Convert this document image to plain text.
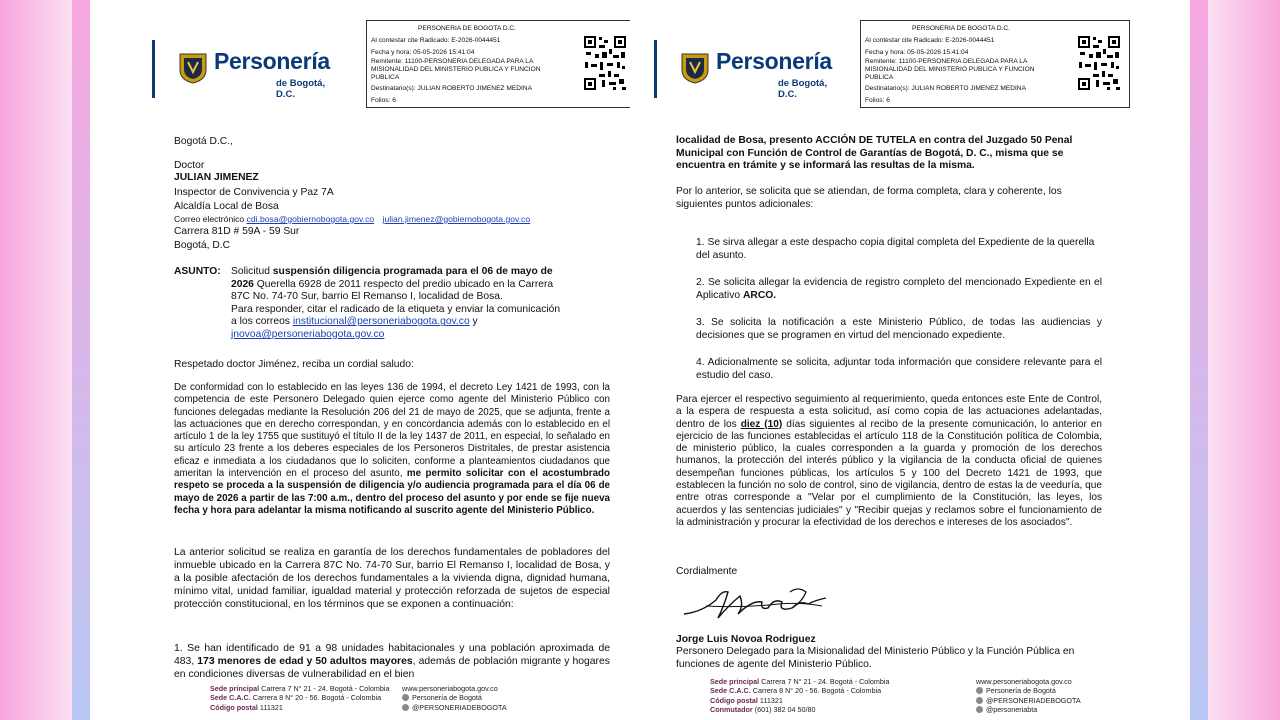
Personería
de Bogotá, D.C.
PERSONERIA DE BOGOTA D.C.
Al contestar cite Radicado: E-2026-0044451
Fecha y hora: 05-05-2026 15:41:04
Remitente: 11100-PERSONERIA DELEGADA PARA LA
MISIONALIDAD DEL MINISTERIO PUBLICA Y FUNCION
PUBLICA
Destinatario(s): JULIAN ROBERTO JIMENEZ MEDINA
Folios: 6
Bogotá D.C.,
Doctor
JULIAN JIMENEZ
Inspector de Convivencia y Paz 7A
Alcaldía Local de Bosa
Correo electrónico cdi.bosa@gobiernobogota.gov.co julian.jimenez@gobiernobogota.gov.co
Carrera 81D # 59A - 59 Sur
Bogotá, D.C
ASUNTO: Solicitud suspensión diligencia programada para el 06 de mayo de
2026 Querella 6928 de 2011 respecto del predio ubicado en la Carrera
87C No. 74-70 Sur, barrio El Remanso I, localidad de Bosa.
Para responder, citar el radicado de la etiqueta y enviar la comunicación
a los correos institucional@personeriabogota.gov.co y
jnovoa@personeriabogota.gov.co
Respetado doctor Jiménez, reciba un cordial saludo:
De conformidad con lo establecido en las leyes 136 de 1994, el decreto Ley 1421 de 1993, con la competencia de este Personero Delegado quien ejerce como agente del Ministerio Público con funciones delegadas mediante la Resolución 206 del 21 de mayo de 2025, que se adjunta, frente a las actuaciones que en derecho correspondan, y en concordancia además con lo establecido en el artículo 1 de la ley 1755 que sustituyó el título II de la ley 1437 de 2011, en especial, lo señalado en su artículo 23 frente a los deberes especiales de los Personeros Distritales, de prestar asistencia eficaz e inmediata a los ciudadanos que lo soliciten, conforme a planteamientos ciudadanos que ameritan la intervención en el proceso del asunto, me permito solicitar con el acostumbrado respeto se proceda a la suspensión de diligencia y/o audiencia programada para el día 06 de mayo de 2026 a partir de las 7:00 a.m., dentro del proceso del asunto y por ende se fije nueva fecha y hora para adelantar la misma notificando al suscrito agente del Ministerio Público.
La anterior solicitud se realiza en garantía de los derechos fundamentales de pobladores del inmueble ubicado en la Carrera 87C No. 74-70 Sur, barrio El Remanso I, localidad de Bosa, y a la posible afectación de los derechos fundamentales a la vivienda digna, dignidad humana, mínimo vital, unidad familiar, igualdad material y protección reforzada de sujetos de especial protección constitucional, en los términos que se exponen a continuación:
1. Se han identificado de 91 a 98 unidades habitacionales y una población aproximada de 483, 173 menores de edad y 50 adultos mayores, además de población migrante y hogares en condiciones diversas de vulnerabilidad en el bien
Sede principal Carrera 7 N° 21 - 24. Bogotá - Colombia
Sede C.A.C. Carrera 8 N° 20 - 56. Bogotá - Colombia
Código postal 111321
www.personeriabogota.gov.co
Personería de Bogotá
@PERSONERIADEBOGOTA
Personería
de Bogotá, D.C.
PERSONERIA DE BOGOTA D.C.
Al contestar cite Radicado: E-2026-0044451
Fecha y hora: 05-05-2026 15:41:04
Remitente: 11100-PERSONERIA DELEGADA PARA LA
MISIONALIDAD DEL MINISTERIO PUBLICA Y FUNCION
PUBLICA
Destinatario(s): JULIAN ROBERTO JIMENEZ MEDINA
Folios: 6
localidad de Bosa, presento ACCIÓN DE TUTELA en contra del Juzgado 50 Penal Municipal con Función de Control de Garantías de Bogotá, D. C., misma que se encuentra en trámite y se informará las resultas de la misma.
Por lo anterior, se solicita que se atiendan, de forma completa, clara y coherente, los siguientes puntos adicionales:
1. Se sirva allegar a este despacho copia digital completa del Expediente de la querella del asunto.
2. Se solicita allegar la evidencia de registro completo del mencionado Expediente en el Aplicativo ARCO.
3. Se solicita la notificación a este Ministerio Público, de todas las audiencias y decisiones que se programen en virtud del mencionado expediente.
4. Adicionalmente se solicita, adjuntar toda información que considere relevante para el estudio del caso.
Para ejercer el respectivo seguimiento al requerimiento, queda entonces este Ente de Control, a la espera de respuesta a esta solicitud, así como copia de las actuaciones adelantadas, dentro de los diez (10) días siguientes al recibo de la presente comunicación, lo anterior en ejercicio de las funciones establecidas el artículo 118 de la Constitución política de Colombia, de ministerio público, la cuales corresponden a la guarda y promoción de los derechos humanos, la protección del interés público y la vigilancia de la conducta oficial de quienes desempeñan funciones públicas, los artículos 5 y 100 del Decreto 1421 de 1993, que establecen la función no solo de control, sino de vigilancia, dentro de estas la de veeduría, que entre otras corresponde a "Velar por el cumplimiento de la Constitución, las leyes, los acuerdos y las sentencias judiciales" y "Recibir quejas y reclamos sobre el funcionamiento de la administración y procurar la efectividad de los derechos e intereses de los asociados".
Cordialmente
Jorge Luis Novoa Rodriguez
Personero Delegado para la Misionalidad del Ministerio Público y la Función Pública en funciones de agente del Ministerio Público.
Sede principal Carrera 7 N° 21 - 24. Bogotá - Colombia
Sede C.A.C. Carrera 8 N° 20 - 56. Bogotá - Colombia
Código postal 111321
Conmutador (601) 382 04 50/80
www.personeriabogota.gov.co
Personería de Bogotá
@PERSONERIADEBOGOTA
@personeriabta
